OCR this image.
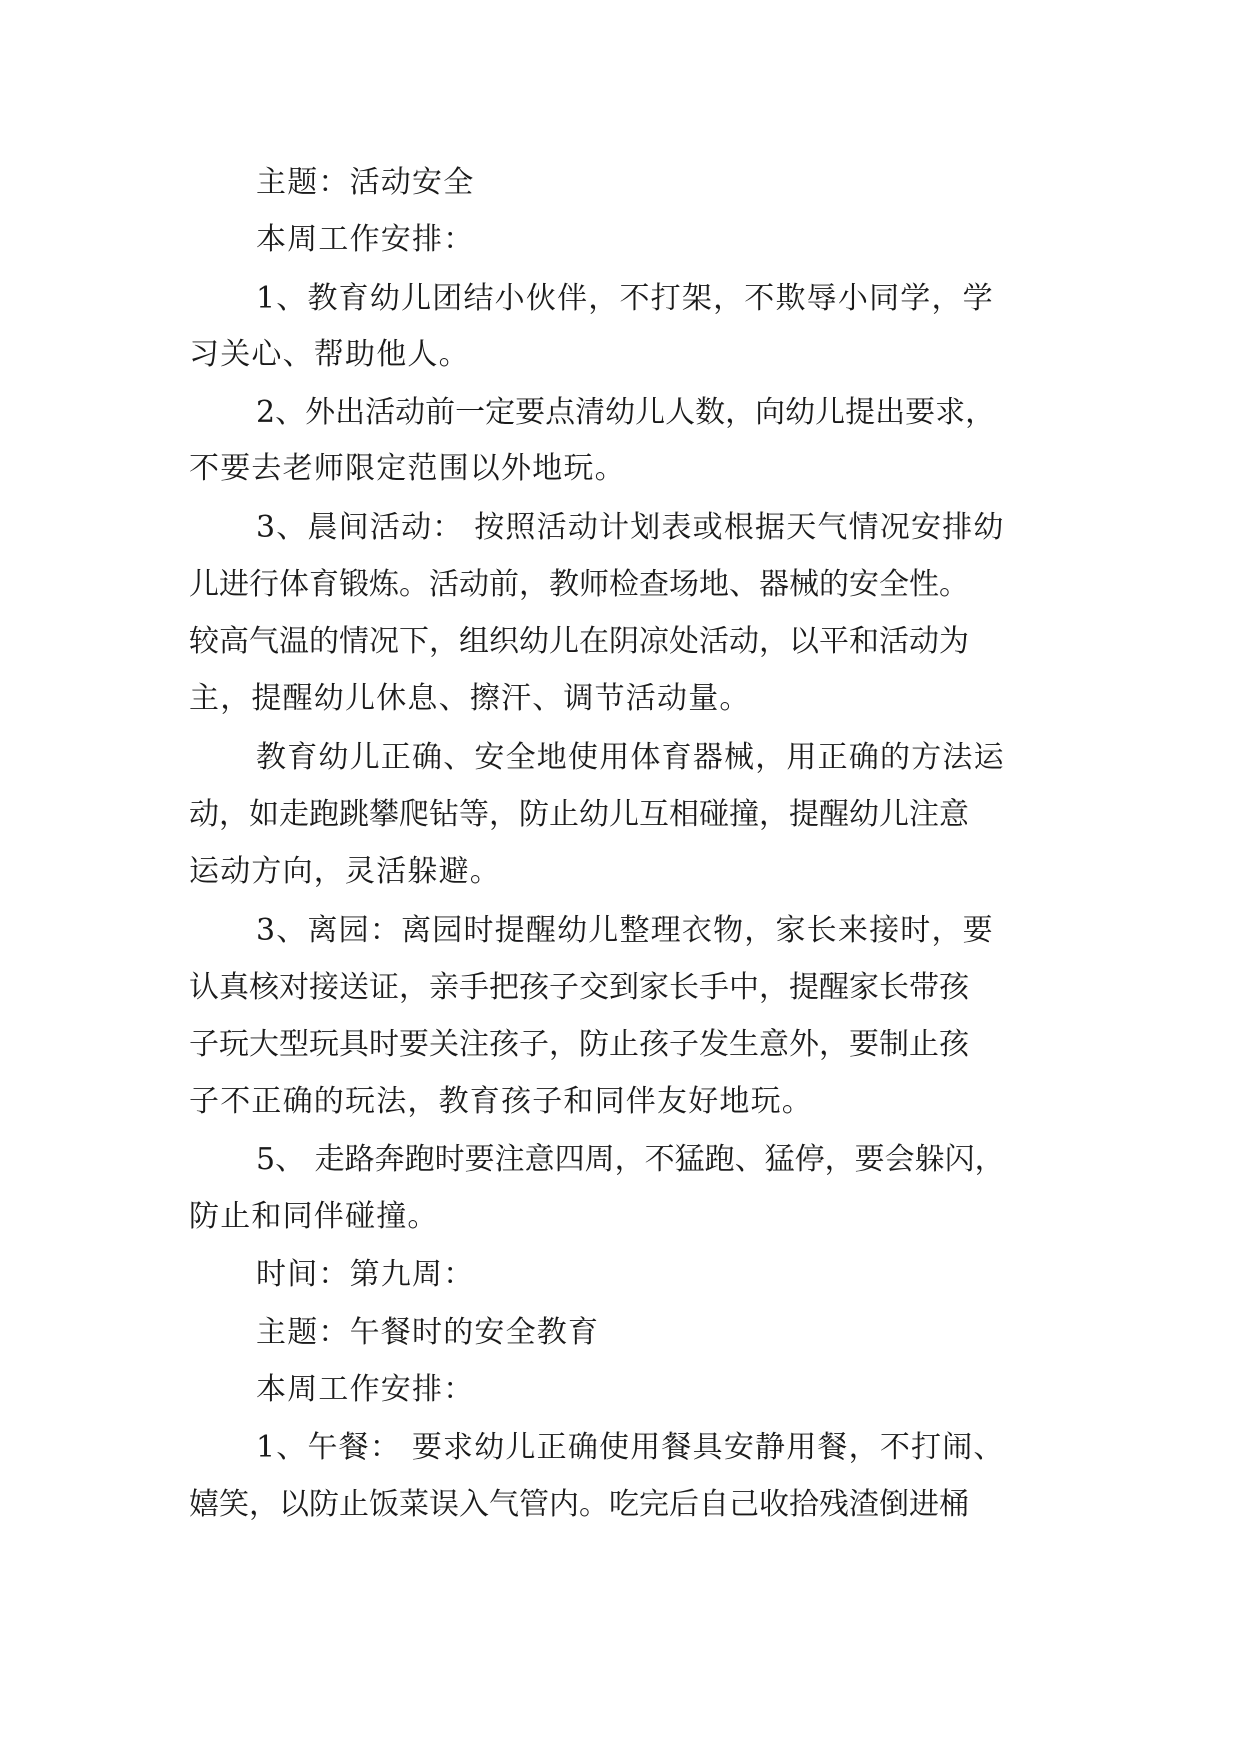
主题：活动安全
本周工作安排：
1、教育幼儿团结小伙伴，不打架，不欺辱小同学，学
习关心、帮助他人。
2、外出活动前一定要点清幼儿人数，向幼儿提出要求，
不要去老师限定范围以外地玩。
3、晨间活动： 按照活动计划表或根据天气情况安排幼
儿进行体育锻炼。活动前，教师检查场地、器械的安全性。
较高气温的情况下，组织幼儿在阴凉处活动，以平和活动为
主，提醒幼儿休息、擦汗、调节活动量。
教育幼儿正确、安全地使用体育器械，用正确的方法运
动，如走跑跳攀爬钻等，防止幼儿互相碰撞，提醒幼儿注意
运动方向，灵活躲避。
3、离园：离园时提醒幼儿整理衣物，家长来接时，要
认真核对接送证，亲手把孩子交到家长手中，提醒家长带孩
子玩大型玩具时要关注孩子，防止孩子发生意外，要制止孩
子不正确的玩法，教育孩子和同伴友好地玩。
5、 走路奔跑时要注意四周，不猛跑、猛停，要会躲闪，
防止和同伴碰撞。
时间：第九周：
主题：午餐时的安全教育
本周工作安排：
1、午餐： 要求幼儿正确使用餐具安静用餐，不打闹、
嬉笑，以防止饭菜误入气管内。吃完后自己收拾残渣倒进桶
